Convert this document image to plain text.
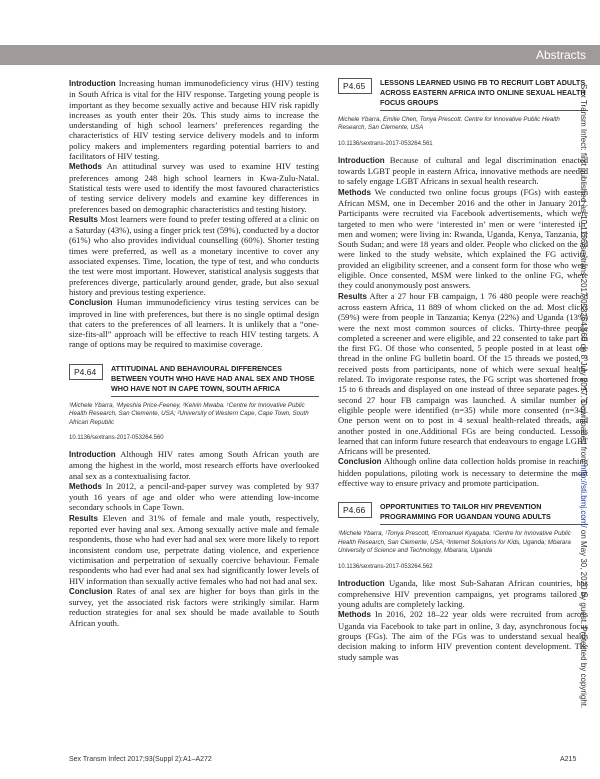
Abstracts

Introduction Increasing human immunodeficiency virus (HIV) testing in South Africa is vital for the HIV response. Targeting young people is important as they become sexually active and because HIV risk rapidly increases as youth enter their 20s. This study aims to increase the understanding of high school learners’ preferences regarding the characteristics of HIV testing service delivery models and to inform policy makers and implementers regarding potential barriers to and facilitators of HIV testing.

Methods An attitudinal survey was used to examine HIV testing preferences among 248 high school learners in Kwa-Zulu-Natal. Statistical tests were used to identify the most favoured characteristics of testing service delivery models and examine key differences in preferences based on demographic characteristics and testing history.

Results Most learners were found to prefer testing offered at a clinic on a Saturday (43%), using a finger prick test (59%), conducted by a doctor (61%) who also provides individual counselling (60%). Shorter testing times were preferred, as well as a monetary incentive to cover any associated expenses. Time, location, the type of test, and who conducts the test were most important. However, statistical analysis suggests that preferences diverge, particularly around gender, grade, but also sexual history and previous testing experience.

Conclusion Human immunodeficiency virus testing services can be improved in line with preferences, but there is no single optimal design that caters to the preferences of all learners. It is unlikely that a “one-size-fits-all” approach will be effective to reach HIV testing targets. A range of options may be required to maximise coverage.

P4.64	ATTITUDINAL AND BEHAVIOURAL DIFFERENCES BETWEEN YOUTH WHO HAVE HAD ANAL SEX AND THOSE WHO HAVE NOT IN CAPE TOWN, SOUTH AFRICA
¹Michele Ybarra, ¹Myeshia Price-Feeney, ²Kelvin Mwaba. ¹Centre for Innovative Public Health Research, San Clemente, USA; ²University of Western Cape, Cape Town, South African Republic
10.1136/sextrans-2017-053264.560

Introduction Although HIV rates among South African youth are among the highest in the world, most research efforts have overlooked anal sex as a contextualising factor.

Methods In 2012, a pencil-and-paper survey was completed by 937 youth 16 years of age and older who were attending low-income secondary schools in Cape Town.

Results Eleven and 31% of female and male youth, respectively, reported ever having anal sex. Among sexually active male and female respondents, those who had ever had anal sex were more likely to report inconsistent condom use, perpetrate dating violence, and experience victimisation and perpetration of sexually coercive behaviour. Female respondents who had ever had anal sex had significantly lower levels of HIV information than sexually active females who had not had anal sex.

Conclusion Rates of anal sex are higher for boys than girls in the survey, yet the associated risk factors were strikingly similar. Harm reduction strategies for anal sex should be made available to South African youth.

P4.65	LESSONS LEARNED USING FB TO RECRUIT LGBT ADULTS ACROSS EASTERN AFRICA INTO ONLINE SEXUAL HEALTH FOCUS GROUPS
Michele Ybarra, Emilie Chen, Tonya Prescott. Centre for Innovative Public Health Research, San Clemente, USA
10.1136/sextrans-2017-053264.561

Introduction Because of cultural and legal discrimination enacted towards LGBT people in eastern Africa, innovative methods are needed to safely engage LGBT Africans in sexual health research.

Methods We conducted two online focus groups (FGs) with eastern African MSM, one in December 2016 and the other in January 2017. Participants were recruited via Facebook advertisements, which were targeted to men who were ‘interested in’ men or were ‘interested in’ men and women; were living in: Rwanda, Uganda, Kenya, Tanzania, or South Sudan; and were 18 years and older. People who clicked on the ad were linked to the study website, which explained the FG activity, provided an eligibility screener, and a consent form for those who were eligible. Once consented, MSM were linked to the online FG, where they could anonymously post answers.

Results After a 27 hour FB campaign, 1 76 480 people were reached across eastern Africa, 11 889 of whom clicked on the ad. Most clicks (59%) were from people in Tanzania; Kenya (22%) and Uganda (13%) were the next most common sources of clicks. Thirty-three people completed a screener and were eligible, and 22 consented to take part in the first FG. Of those who consented, 5 people posted in at least one thread in the online FG bulletin board. Of the 15 threads we posted, 3 received posts from participants, none of which were sexual health-related. To invigorate response rates, the FG script was shortened from 15 to 6 threads and displayed on one instead of three separate pages. A second 27 hour FB campaign was launched. A similar number of eligible people were identified (n=35) while more consented (n=34). One person went on to post in 4 sexual health-related threads, and another posted in one.Additional FGs are being conducted. Lessons learned that can inform future research that endeavours to engage LGBT Africans will be presented.

Conclusion Although online data collection holds promise in reaching hidden populations, piloting work is necessary to determine the most effective way to ensure privacy and promote participation.

P4.66	OPPORTUNITIES TO TAILOR HIV PREVENTION PROGRAMMING FOR UGANDAN YOUNG ADULTS
¹Michele Ybarra, ¹Tonya Prescott, ²Emmanuel Kyagaba. ¹Centre for Innovative Public Health Research, San Clemente, USA; ²Internet Solutions for Kids, Uganda; Mbarara University of Science and Technology, Mbarara, Uganda
10.1136/sextrans-2017-053264.562

Introduction Uganda, like most Sub-Saharan African countries, has comprehensive HIV prevention campaigns, yet programs tailored to young adults are completely lacking.

Methods In 2016, 202 18–22 year olds were recruited from across Uganda via Facebook to take part in online, 3 day, asynchronous focus groups (FGs). The aim of the FGs was to understand sexual health decision making to inform HIV prevention content development. The study sample was

Sex Transm Infect 2017;93(Suppl 2):A1–A272	A215
Sex Transm Infect: first published as 10.1136/sextrans-2017-053264.560 on 8 July 2017. Downloaded from http://sti.bmj.com/ on May 30, 2020 by guest. Protected by copyright.
